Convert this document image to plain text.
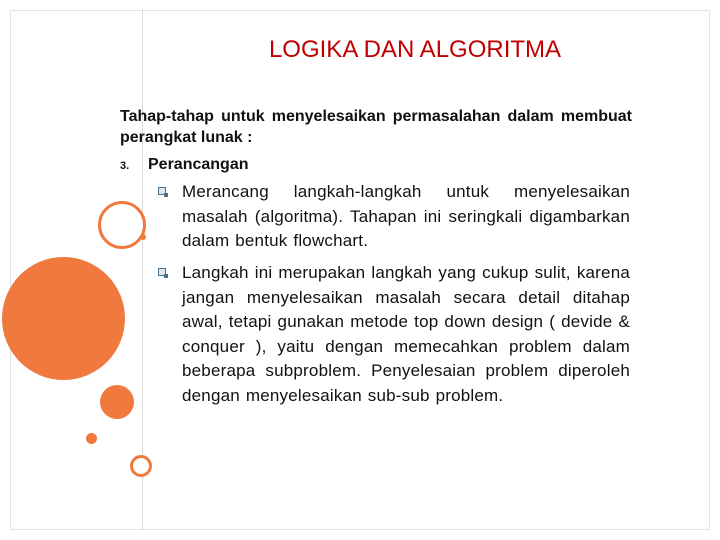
LOGIKA DAN ALGORITMA
Tahap-tahap untuk menyelesaikan permasalahan dalam membuat perangkat lunak :
3. Perancangan
Merancang langkah-langkah untuk menyelesaikan masalah (algoritma). Tahapan ini seringkali digambarkan dalam bentuk flowchart.
Langkah ini merupakan langkah yang cukup sulit, karena jangan menyelesaikan masalah secara detail ditahap awal, tetapi gunakan metode top down design ( devide & conquer ), yaitu dengan memecahkan problem dalam beberapa subproblem. Penyelesaian problem diperoleh dengan menyelesaikan sub-sub problem.
